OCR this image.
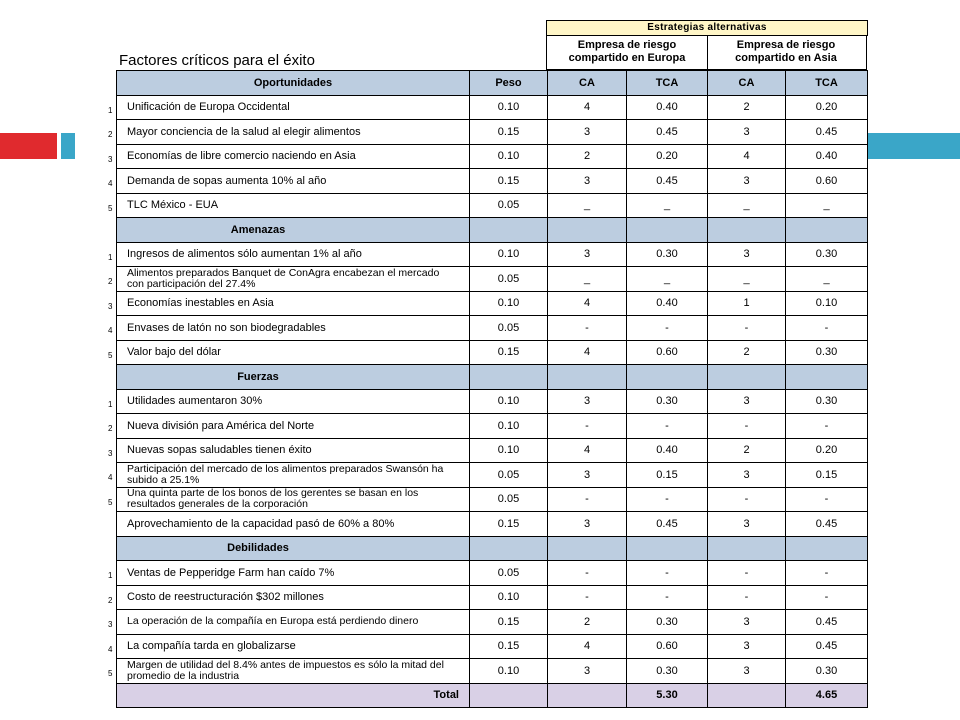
Factores críticos para el éxito
Estrategias alternativas
Empresa de riesgo compartido en Europa
Empresa de riesgo compartido en Asia
Oportunidades	Peso	CA	TCA	CA	TCA
Unificación de Europa Occidental	0.10	4	0.40	2	0.20
Mayor conciencia de la salud al elegir alimentos	0.15	3	0.45	3	0.45
Economías de libre comercio naciendo en Asia	0.10	2	0.20	4	0.40
Demanda de sopas aumenta 10% al año	0.15	3	0.45	3	0.60
TLC México - EUA	0.05	_	_	_	_
Amenazas					
Ingresos de alimentos sólo aumentan 1% al año	0.10	3	0.30	3	0.30
Alimentos preparados Banquet de ConAgra encabezan el mercado con participación del 27.4%	0.05	_	_	_	_
Economías inestables en Asia	0.10	4	0.40	1	0.10
Envases de latón no son biodegradables	0.05	-	-	-	-
Valor bajo del dólar	0.15	4	0.60	2	0.30
Fuerzas					
Utilidades aumentaron 30%	0.10	3	0.30	3	0.30
Nueva división para América del Norte	0.10	-	-	-	-
Nuevas sopas saludables tienen éxito	0.10	4	0.40	2	0.20
Participación del mercado de los alimentos preparados Swansón ha subido a 25.1%	0.05	3	0.15	3	0.15
Una quinta parte de los bonos de los gerentes se basan en los resultados generales de la corporación	0.05	-	-	-	-
Aprovechamiento de la capacidad pasó de 60% a 80%	0.15	3	0.45	3	0.45
Debilidades					
Ventas de Pepperidge Farm han caído 7%	0.05	-	-	-	-
Costo de reestructuración $302 millones	0.10	-	-	-	-
La operación de la compañía en Europa está perdiendo dinero	0.15	2	0.30	3	0.45
La compañía tarda en globalizarse	0.15	4	0.60	3	0.45
Margen de utilidad del 8.4% antes de impuestos es sólo la mitad del promedio de la industria	0.10	3	0.30	3	0.30
Total			5.30		4.65
1
2
3
4
5
1
2
3
4
5
1
2
3
4
5
1
2
3
4
5
